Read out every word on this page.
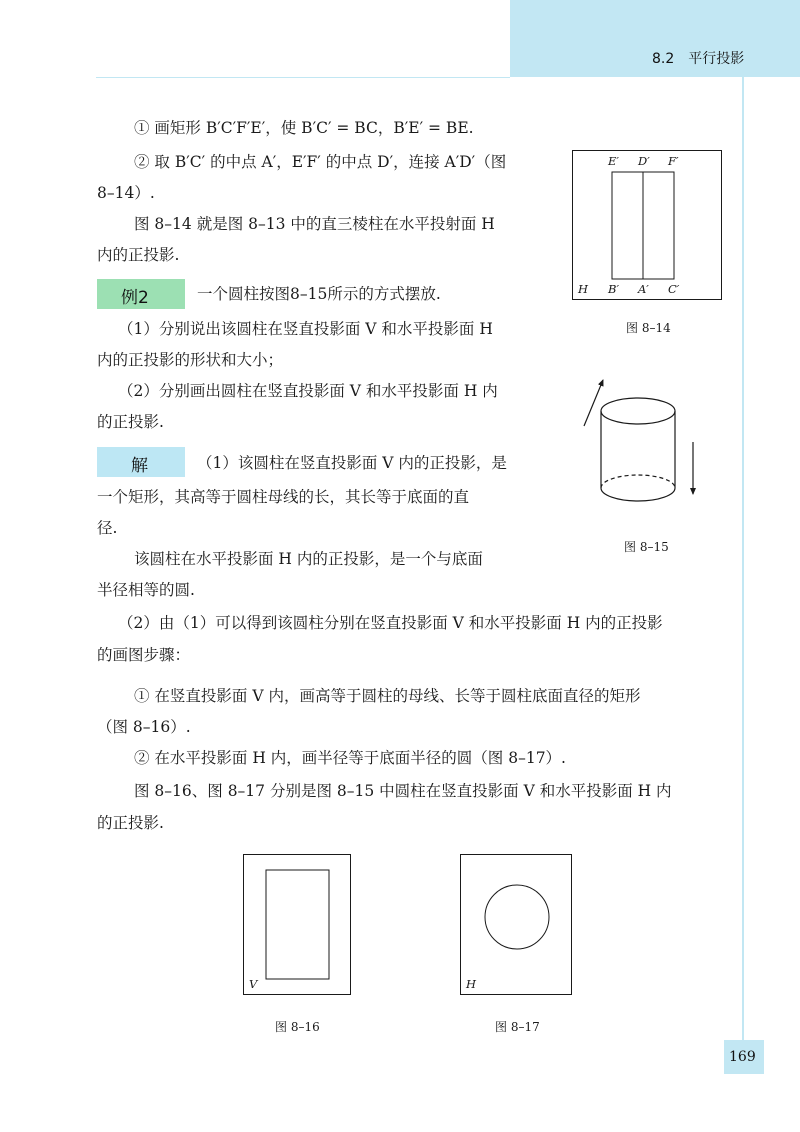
8.2　平行投影
① 画矩形 B′C′F′E′，使 B′C′ = BC，B′E′ = BE.
② 取 B′C′ 的中点 A′，E′F′ 的中点 D′，连接 A′D′（图
8–14）.
图 8–14 就是图 8–13 中的直三棱柱在水平投射面 H
内的正投影.
例2	一个圆柱按图8–15所示的方式摆放.
（1）分别说出该圆柱在竖直投影面 V 和水平投影面 H
内的正投影的形状和大小；
（2）分别画出圆柱在竖直投影面 V 和水平投影面 H 内
的正投影.
解	（1）该圆柱在竖直投影面 V 内的正投影，是
一个矩形，其高等于圆柱母线的长，其长等于底面的直
径.
该圆柱在水平投影面 H 内的正投影，是一个与底面
半径相等的圆.
（2）由（1）可以得到该圆柱分别在竖直投影面 V 和水平投影面 H 内的正投影
的画图步骤：
① 在竖直投影面 V 内，画高等于圆柱的母线、长等于圆柱底面直径的矩形
（图 8–16）.
② 在水平投影面 H 内，画半径等于底面半径的圆（图 8–17）.
图 8–16、图 8–17 分别是图 8–15 中圆柱在竖直投影面 V 和水平投影面 H 内
的正投影.
E′ D′ F′
H B′ A′ C′
图 8–14
图 8–15
V
图 8–16
H
图 8–17
169
